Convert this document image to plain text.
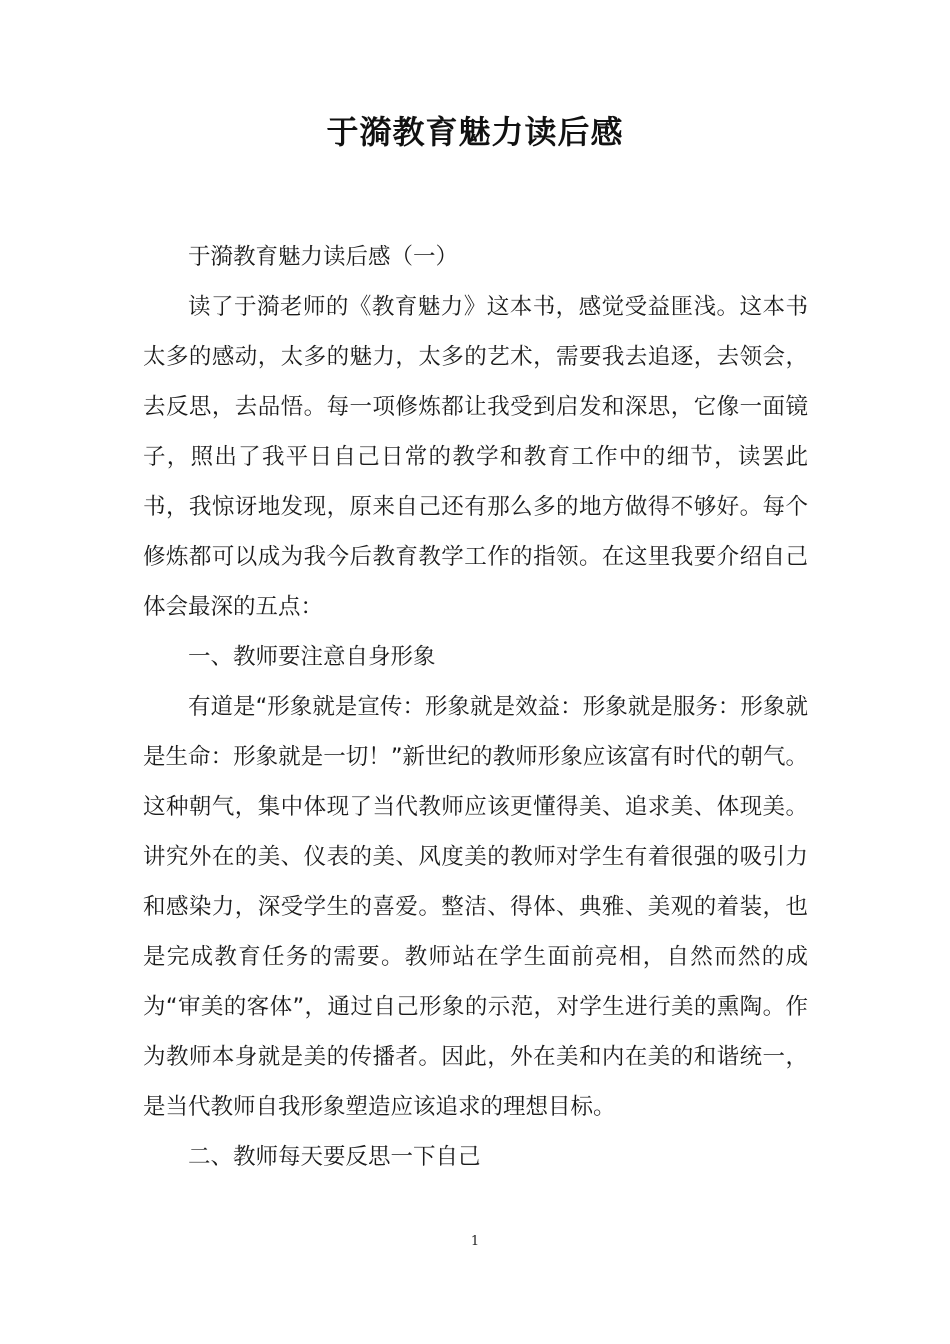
于漪教育魅力读后感

于漪教育魅力读后感（一）

读了于漪老师的《教育魅力》这本书，感觉受益匪浅。这本书太多的感动，太多的魅力，太多的艺术，需要我去追逐，去领会，去反思，去品悟。每一项修炼都让我受到启发和深思，它像一面镜子，照出了我平日自己日常的教学和教育工作中的细节，读罢此书，我惊讶地发现，原来自己还有那么多的地方做得不够好。每个修炼都可以成为我今后教育教学工作的指领。在这里我要介绍自己体会最深的五点：

一、教师要注意自身形象

有道是“形象就是宣传：形象就是效益：形象就是服务：形象就是生命：形象就是一切！”新世纪的教师形象应该富有时代的朝气。这种朝气，集中体现了当代教师应该更懂得美、追求美、体现美。讲究外在的美、仪表的美、风度美的教师对学生有着很强的吸引力和感染力，深受学生的喜爱。整洁、得体、典雅、美观的着装，也是完成教育任务的需要。教师站在学生面前亮相，自然而然的成为“审美的客体”，通过自己形象的示范，对学生进行美的熏陶。作为教师本身就是美的传播者。因此，外在美和内在美的和谐统一，是当代教师自我形象塑造应该追求的理想目标。

二、教师每天要反思一下自己

1
